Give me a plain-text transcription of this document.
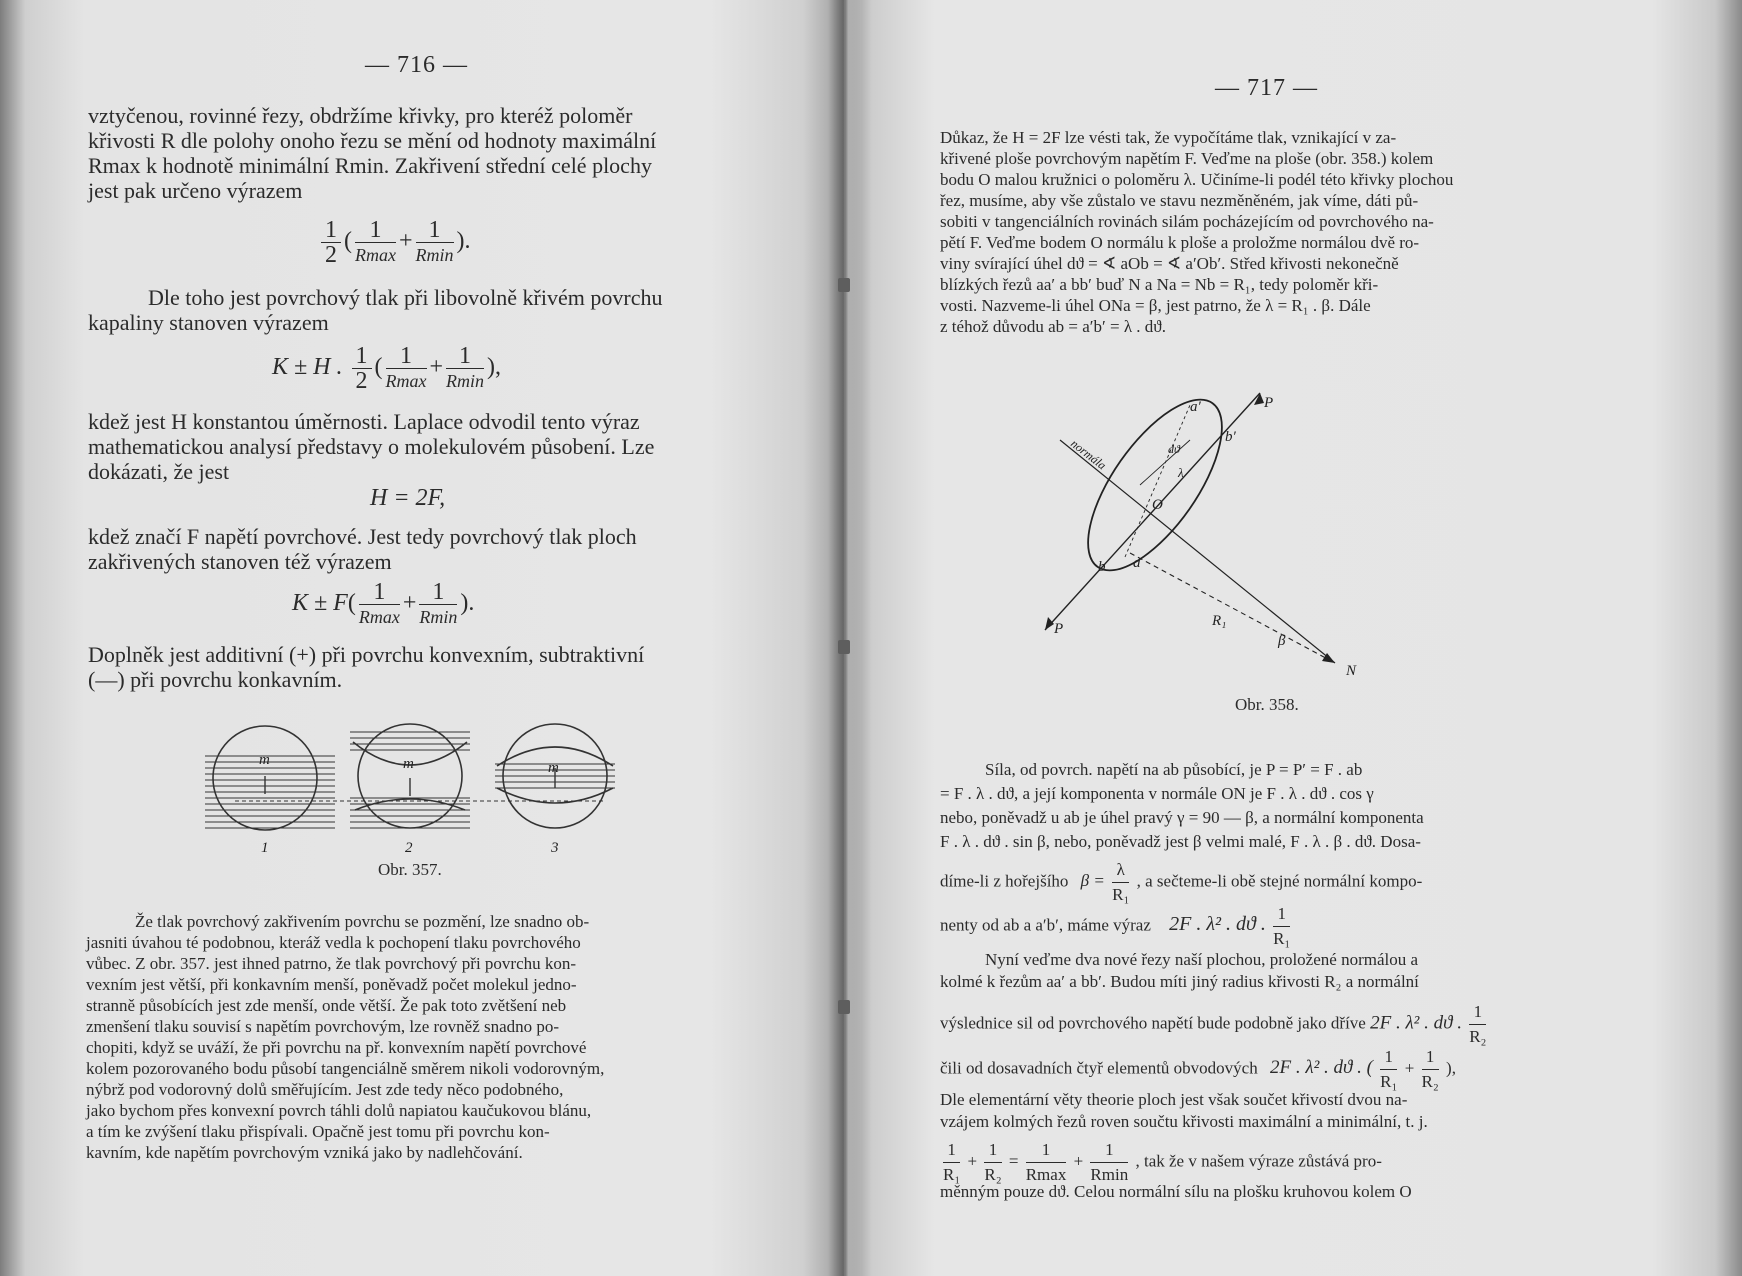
— 716 —
vztyčenou, rovinné řezy, obdržíme křivky, pro kteréž poloměr
křivosti R dle polohy onoho řezu se mění od hodnoty maximální
Rmax k hodnotě minimální Rmin. Zakřivení střední celé plochy
jest pak určeno výrazem
$\frac{1}{2}$ ( $\frac{1}{Rmax} + \frac{1}{Rmin}$ ).
Dle toho jest povrchový tlak při libovolně křivém povrchu
kapaliny stanoven výrazem
K ± H . $\frac{1}{2}$ ( $\frac{1}{Rmax} + \frac{1}{Rmin}$ ),
kdež jest H konstantou úměrnosti. Laplace odvodil tento výraz
mathematickou analysí představy o molekulovém působení. Lze
dokázati, že jest
H = 2F,
kdež značí F napětí povrchové. Jest tedy povrchový tlak ploch
zakřivených stanoven též výrazem
$K \pm F( \frac{1}{Rmax} + \frac{1}{Rmin}$ ).
Doplněk jest additivní (+) při povrchu konvexním, subtraktivní
(—) při povrchu konkavním.
m	m	m
1	2	3
Obr. 357.
Že tlak povrchový zakřivením povrchu se pozmění, lze snadno ob-
jasniti úvahou té podobnou, kteráž vedla k pochopení tlaku povrchového
vůbec. Z obr. 357. jest ihned patrno, že tlak povrchový při povrchu kon-
vexním jest větší, při konkavním menší, poněvadž počet molekul jedno-
stranně působících jest zde menší, onde větší. Že pak toto zvětšení neb
zmenšení tlaku souvisí s napětím povrchovým, lze rovněž snadno po-
chopiti, když se uváží, že při povrchu na př. konvexním napětí povrchové
kolem pozorovaného bodu působí tangenciálně směrem nikoli vodorovným,
nýbrž pod vodorovný dolů směřujícím. Jest zde tedy něco podobného,
jako bychom přes konvexní povrch táhli dolů napiatou kaučukovou blánu,
a tím ke zvýšení tlaku přispívali. Opačně jest tomu při povrchu kon-
kavním, kde napětím povrchovým vzniká jako by nadlehčování.
— 717 —
Důkaz, že H = 2F lze vésti tak, že vypočítáme tlak, vznikající v za-
křivené ploše povrchovým napětím F. Veďme na ploše (obr. 358.) kolem
bodu O malou kružnici o poloměru λ. Učiníme-li podél této křivky plochou
řez, musíme, aby vše zůstalo ve stavu nezměněném, jak víme, dáti pů-
sobiti v tangenciálních rovinách silám pocházejícím od povrchového na-
pětí F. Veďme bodem O normálu k ploše a proložme normálou dvě ro-
viny svírající úhel dϑ = ∢ aOb = ∢ a′Ob′. Střed křivosti nekonečně
blízkých řezů aa′ a bb′ buď N a Na = Nb = R₁, tedy poloměr kři-
vosti. Nazveme-li úhel ONa = β, jest patrno, že λ = R₁ . β. Dále
z téhož důvodu ab = a′b′ = λ . dϑ.
P
a′
b′
normála	dϑ
λ
O
b a
P	R₁
β
N
Obr. 358.
Síla, od povrch. napětí na ab působící, je P = P′ = F . ab
= F . λ . dϑ, a její komponenta v normále ON je F . λ . dϑ . cos γ
nebo, poněvadž u ab je úhel pravý γ = 90 — β, a normální komponenta
F . λ . dϑ . sin β, nebo, poněvadž jest β velmi malé, F . λ . β . dϑ. Dosa-
díme-li z hořejšího $\beta = \frac{\lambda}{\text{R₁}}$ , a sečteme-li obě stejné normální kompo-
nenty od ab a a′b′, máme výraz 2F . λ² . dϑ . $\frac{1}{\text{R₁}}$
Nyní veďme dva nové řezy naší plochou, proložené normálou a
kolmé k řezům aa′ a bb′. Budou míti jiný radius křivosti R₂ a normální
výslednice sil od povrchového napětí bude podobně jako dříve 2F . λ² . dϑ . $\frac{1}{\text{R₂}}$
čili od dosavadních čtyř elementů obvodových 2F . λ² . dϑ . ( $\frac{1}{\text{R₁}} + \frac{1}{\text{R₂}}$ ),
Dle elementární věty theorie ploch jest však součet křivostí dvou na-
vzájem kolmých řezů roven součtu křivosti maximální a minimální, t. j.
$\frac{1}{\text{R₁}} + \frac{1}{\text{R₂}} = \frac{1}{Rmax} + \frac{1}{Rmin}$ , tak že v našem výraze zůstává pro-
měnným pouze dϑ. Celou normální sílu na plošku kruhovou kolem O
